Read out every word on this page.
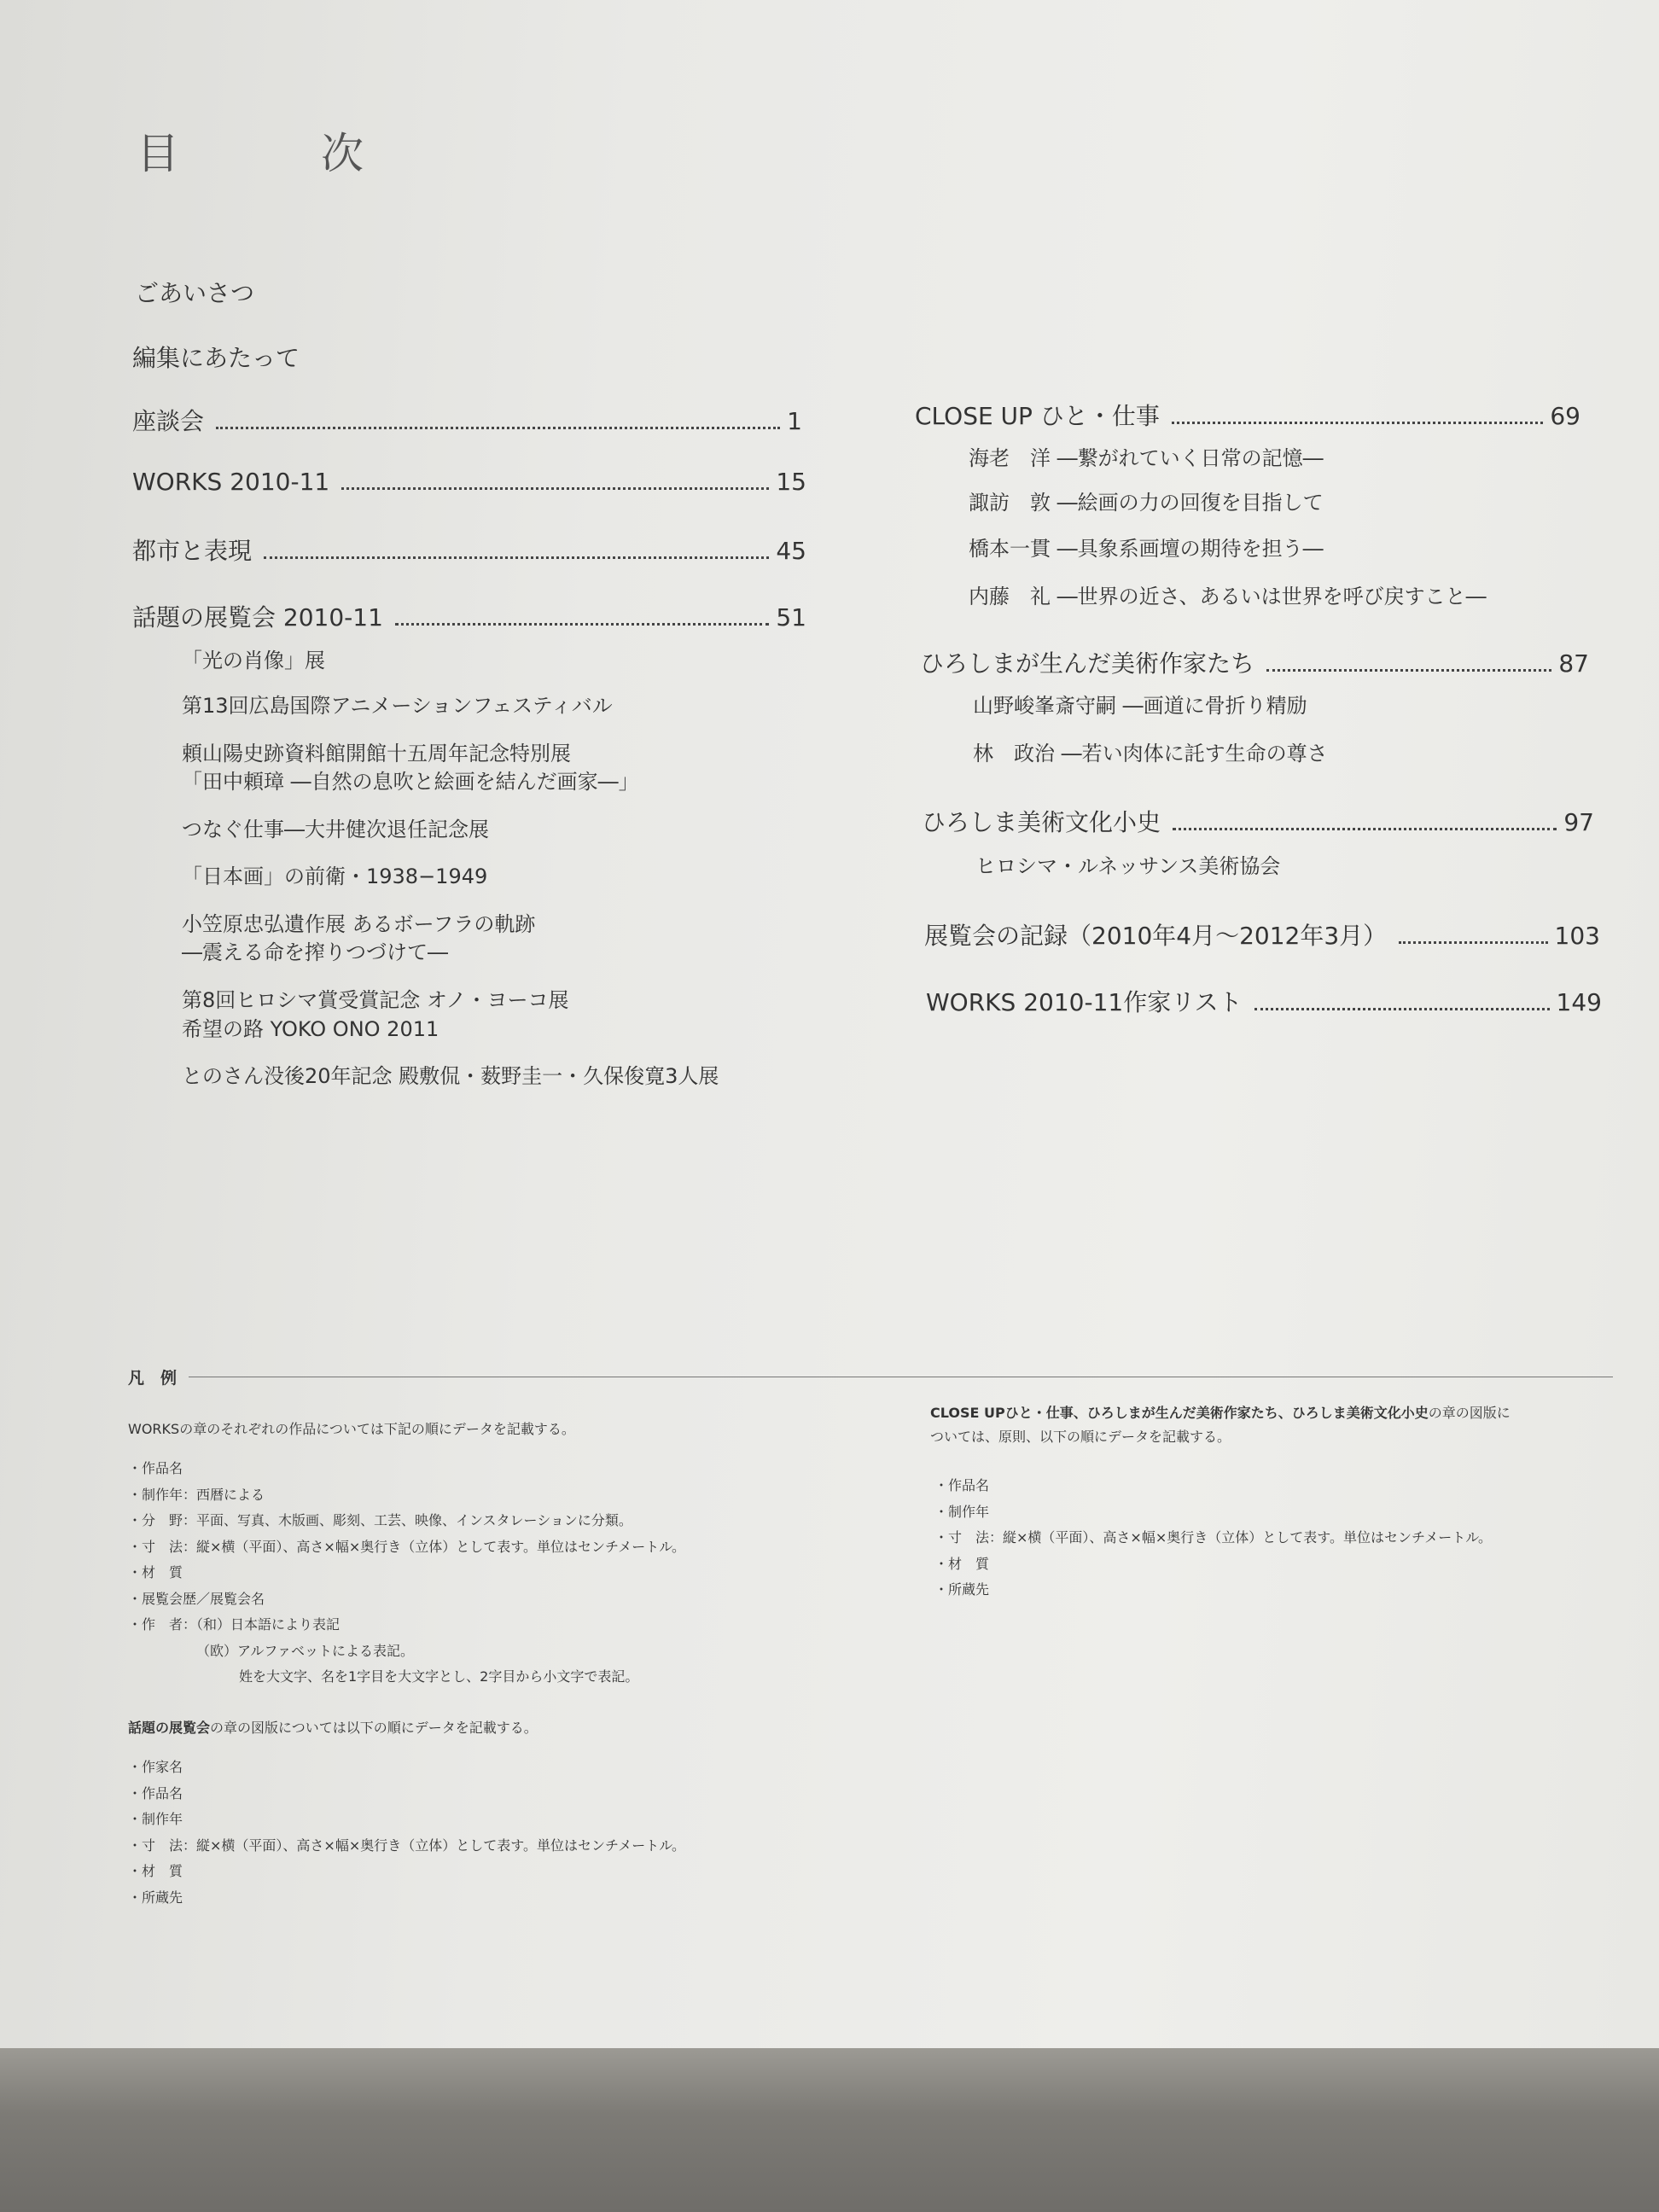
目　次
ごあいさつ
編集にあたって
座談会	1
WORKS 2010-11	15
都市と表現	45
話題の展覧会 2010-11	51
「光の肖像」展
第13回広島国際アニメーションフェスティバル
頼山陽史跡資料館開館十五周年記念特別展
「田中頼璋 ―自然の息吹と絵画を結んだ画家―」
つなぐ仕事―大井健次退任記念展
「日本画」の前衛・1938−1949
小笠原忠弘遺作展 あるボーフラの軌跡
―震える命を搾りつづけて―
第8回ヒロシマ賞受賞記念 オノ・ヨーコ展
希望の路 YOKO ONO 2011
とのさん没後20年記念 殿敷侃・薮野圭一・久保俊寛3人展
CLOSE UP ひと・仕事	69
海老　洋 ―繋がれていく日常の記憶―
諏訪　敦 ―絵画の力の回復を目指して
橋本一貫 ―具象系画壇の期待を担う―
内藤　礼 ―世界の近さ、あるいは世界を呼び戻すこと―
ひろしまが生んだ美術作家たち	87
山野峻峯斎守嗣 ―画道に骨折り精励
林　政治 ―若い肉体に託す生命の尊さ
ひろしま美術文化小史	97
ヒロシマ・ルネッサンス美術協会
展覧会の記録（2010年4月〜2012年3月）	103
WORKS 2010-11作家リスト	149
凡　例
WORKSの章のそれぞれの作品については下記の順にデータを記載する。
・作品名
・制作年：西暦による
・分　野：平面、写真、木版画、彫刻、工芸、映像、インスタレーションに分類。
・寸　法：縦×横（平面）、高さ×幅×奥行き（立体）として表す。単位はセンチメートル。
・材　質
・展覧会歴／展覧会名
・作　者：（和）日本語により表記
（欧）アルファベットによる表記。
姓を大文字、名を1字目を大文字とし、2字目から小文字で表記。
話題の展覧会の章の図版については以下の順にデータを記載する。
・作家名
・作品名
・制作年
・寸　法：縦×横（平面）、高さ×幅×奥行き（立体）として表す。単位はセンチメートル。
・材　質
・所蔵先
CLOSE UPひと・仕事、ひろしまが生んだ美術作家たち、ひろしま美術文化小史の章の図版に
ついては、原則、以下の順にデータを記載する。
・作品名
・制作年
・寸　法：縦×横（平面）、高さ×幅×奥行き（立体）として表す。単位はセンチメートル。
・材　質
・所蔵先
